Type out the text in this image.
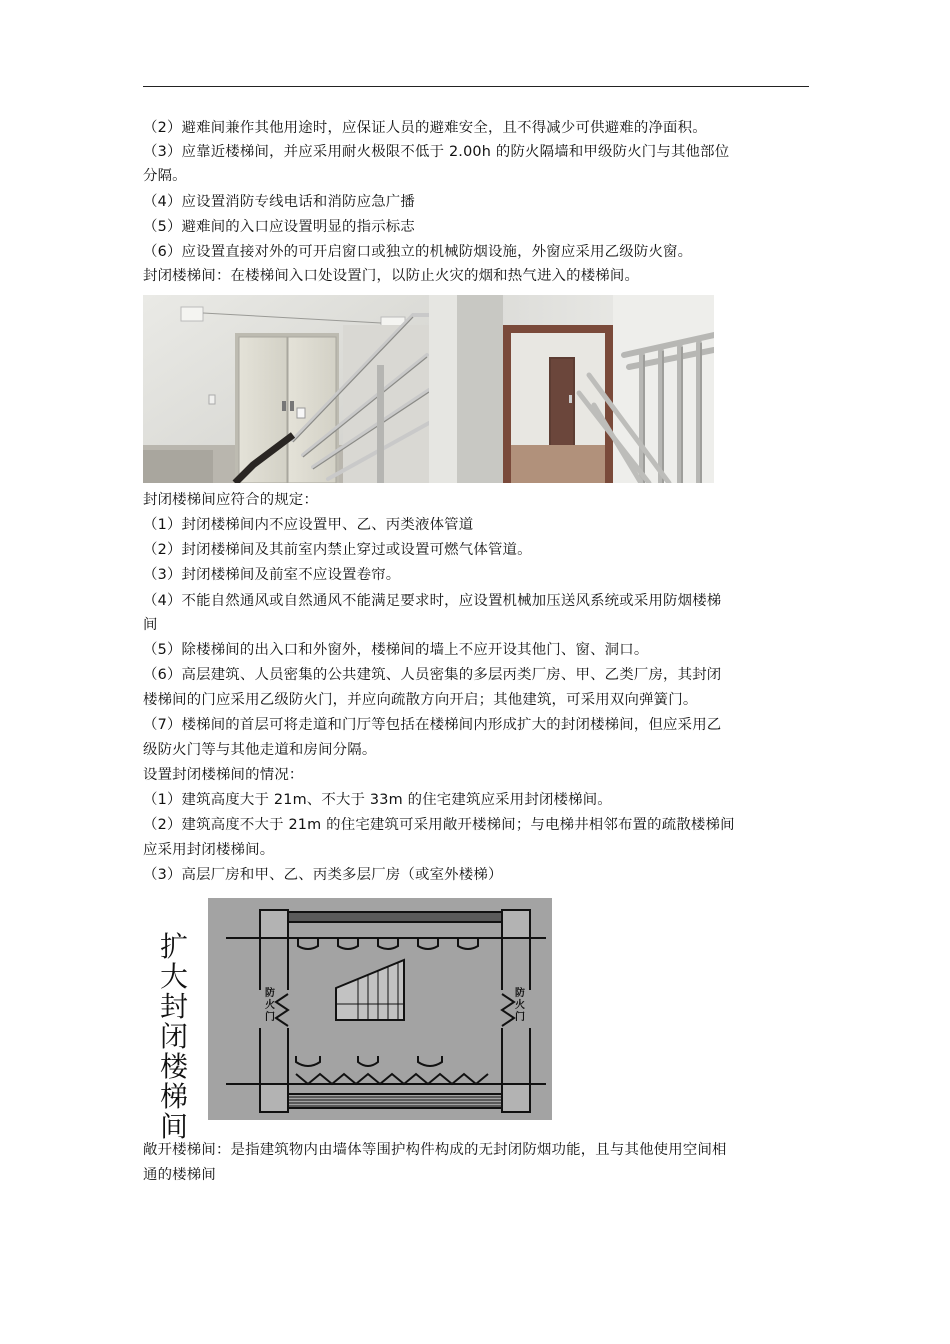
（2）避难间兼作其他用途时，应保证人员的避难安全，且不得减少可供避难的净面积。
（3）应靠近楼梯间，并应采用耐火极限不低于 2.00h 的防火隔墙和甲级防火门与其他部位
分隔。
（4）应设置消防专线电话和消防应急广播
（5）避难间的入口应设置明显的指示标志
（6）应设置直接对外的可开启窗口或独立的机械防烟设施，外窗应采用乙级防火窗。
封闭楼梯间：在楼梯间入口处设置门，以防止火灾的烟和热气进入的楼梯间。
封闭楼梯间应符合的规定：
（1）封闭楼梯间内不应设置甲、乙、丙类液体管道
（2）封闭楼梯间及其前室内禁止穿过或设置可燃气体管道。
（3）封闭楼梯间及前室不应设置卷帘。
（4）不能自然通风或自然通风不能满足要求时，应设置机械加压送风系统或采用防烟楼梯
间
（5）除楼梯间的出入口和外窗外，楼梯间的墙上不应开设其他门、窗、洞口。
（6）高层建筑、人员密集的公共建筑、人员密集的多层丙类厂房、甲、乙类厂房，其封闭
楼梯间的门应采用乙级防火门，并应向疏散方向开启；其他建筑，可采用双向弹簧门。
（7）楼梯间的首层可将走道和门厅等包括在楼梯间内形成扩大的封闭楼梯间，但应采用乙
级防火门等与其他走道和房间分隔。
设置封闭楼梯间的情况：
（1）建筑高度大于 21m、不大于 33m 的住宅建筑应采用封闭楼梯间。
（2）建筑高度不大于 21m 的住宅建筑可采用敞开楼梯间；与电梯井相邻布置的疏散楼梯间
应采用封闭楼梯间。
（3）高层厂房和甲、乙、丙类多层厂房（或室外楼梯）
扩
大
封
闭
楼
梯
间
防
火
门
防
火
门
敞开楼梯间：是指建筑物内由墙体等围护构件构成的无封闭防烟功能，且与其他使用空间相
通的楼梯间
